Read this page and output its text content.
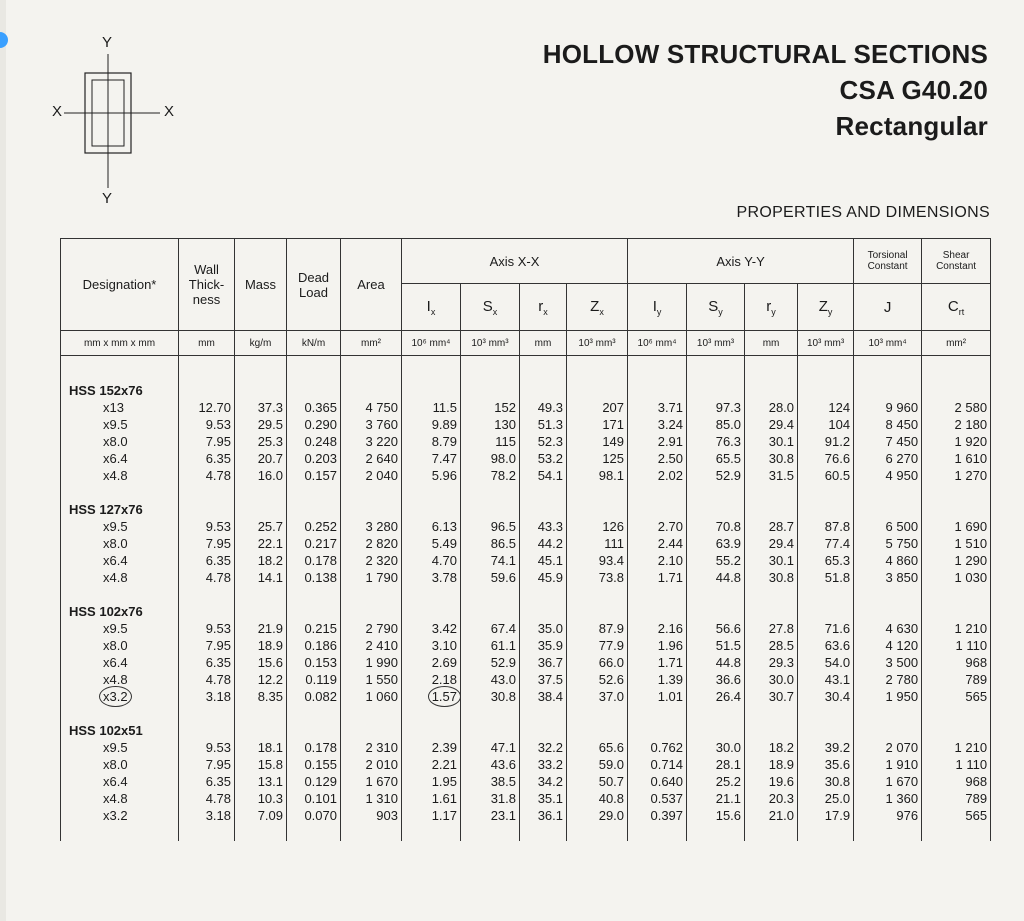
Y
Y
X	X
HOLLOW STRUCTURAL SECTIONS
CSA G40.20
Rectangular
PROPERTIES AND DIMENSIONS
Designation*	Wall Thick- ness	Mass	Dead Load	Area	Axis X-X				Axis Y-Y				Torsional Constant	Shear Constant
					$I_x$	$S_x$	$r_x$	$Z_x$	$I_y$	$S_y$	$r_y$	$Z_y$	J	$C_{rt}$
mm x mm x mm	mm	kg/m	kN/m	mm²	10⁶ mm⁴	10³ mm³	mm	10³ mm³	10⁶ mm⁴	10³ mm³	mm	10³ mm³	10³ mm⁴	mm²

HSS 152x76														
x13	12.70	37.3	0.365	4 750	11.5	152	49.3	207	3.71	97.3	28.0	124	9 960	2 580
x9.5	9.53	29.5	0.290	3 760	9.89	130	51.3	171	3.24	85.0	29.4	104	8 450	2 180
x8.0	7.95	25.3	0.248	3 220	8.79	115	52.3	149	2.91	76.3	30.1	91.2	7 450	1 920
x6.4	6.35	20.7	0.203	2 640	7.47	98.0	53.2	125	2.50	65.5	30.8	76.6	6 270	1 610
x4.8	4.78	16.0	0.157	2 040	5.96	78.2	54.1	98.1	2.02	52.9	31.5	60.5	4 950	1 270

HSS 127x76														
x9.5	9.53	25.7	0.252	3 280	6.13	96.5	43.3	126	2.70	70.8	28.7	87.8	6 500	1 690
x8.0	7.95	22.1	0.217	2 820	5.49	86.5	44.2	111	2.44	63.9	29.4	77.4	5 750	1 510
x6.4	6.35	18.2	0.178	2 320	4.70	74.1	45.1	93.4	2.10	55.2	30.1	65.3	4 860	1 290
x4.8	4.78	14.1	0.138	1 790	3.78	59.6	45.9	73.8	1.71	44.8	30.8	51.8	3 850	1 030

HSS 102x76														
x9.5	9.53	21.9	0.215	2 790	3.42	67.4	35.0	87.9	2.16	56.6	27.8	71.6	4 630	1 210
x8.0	7.95	18.9	0.186	2 410	3.10	61.1	35.9	77.9	1.96	51.5	28.5	63.6	4 120	1 110
x6.4	6.35	15.6	0.153	1 990	2.69	52.9	36.7	66.0	1.71	44.8	29.3	54.0	3 500	968
x4.8	4.78	12.2	0.119	1 550	2.18	43.0	37.5	52.6	1.39	36.6	30.0	43.1	2 780	789
x3.2	3.18	8.35	0.082	1 060	1.57	30.8	38.4	37.0	1.01	26.4	30.7	30.4	1 950	565

HSS 102x51														
x9.5	9.53	18.1	0.178	2 310	2.39	47.1	32.2	65.6	0.762	30.0	18.2	39.2	2 070	1 210
x8.0	7.95	15.8	0.155	2 010	2.21	43.6	33.2	59.0	0.714	28.1	18.9	35.6	1 910	1 110
x6.4	6.35	13.1	0.129	1 670	1.95	38.5	34.2	50.7	0.640	25.2	19.6	30.8	1 670	968
x4.8	4.78	10.3	0.101	1 310	1.61	31.8	35.1	40.8	0.537	21.1	20.3	25.0	1 360	789
x3.2	3.18	7.09	0.070	903	1.17	23.1	36.1	29.0	0.397	15.6	21.0	17.9	976	565
